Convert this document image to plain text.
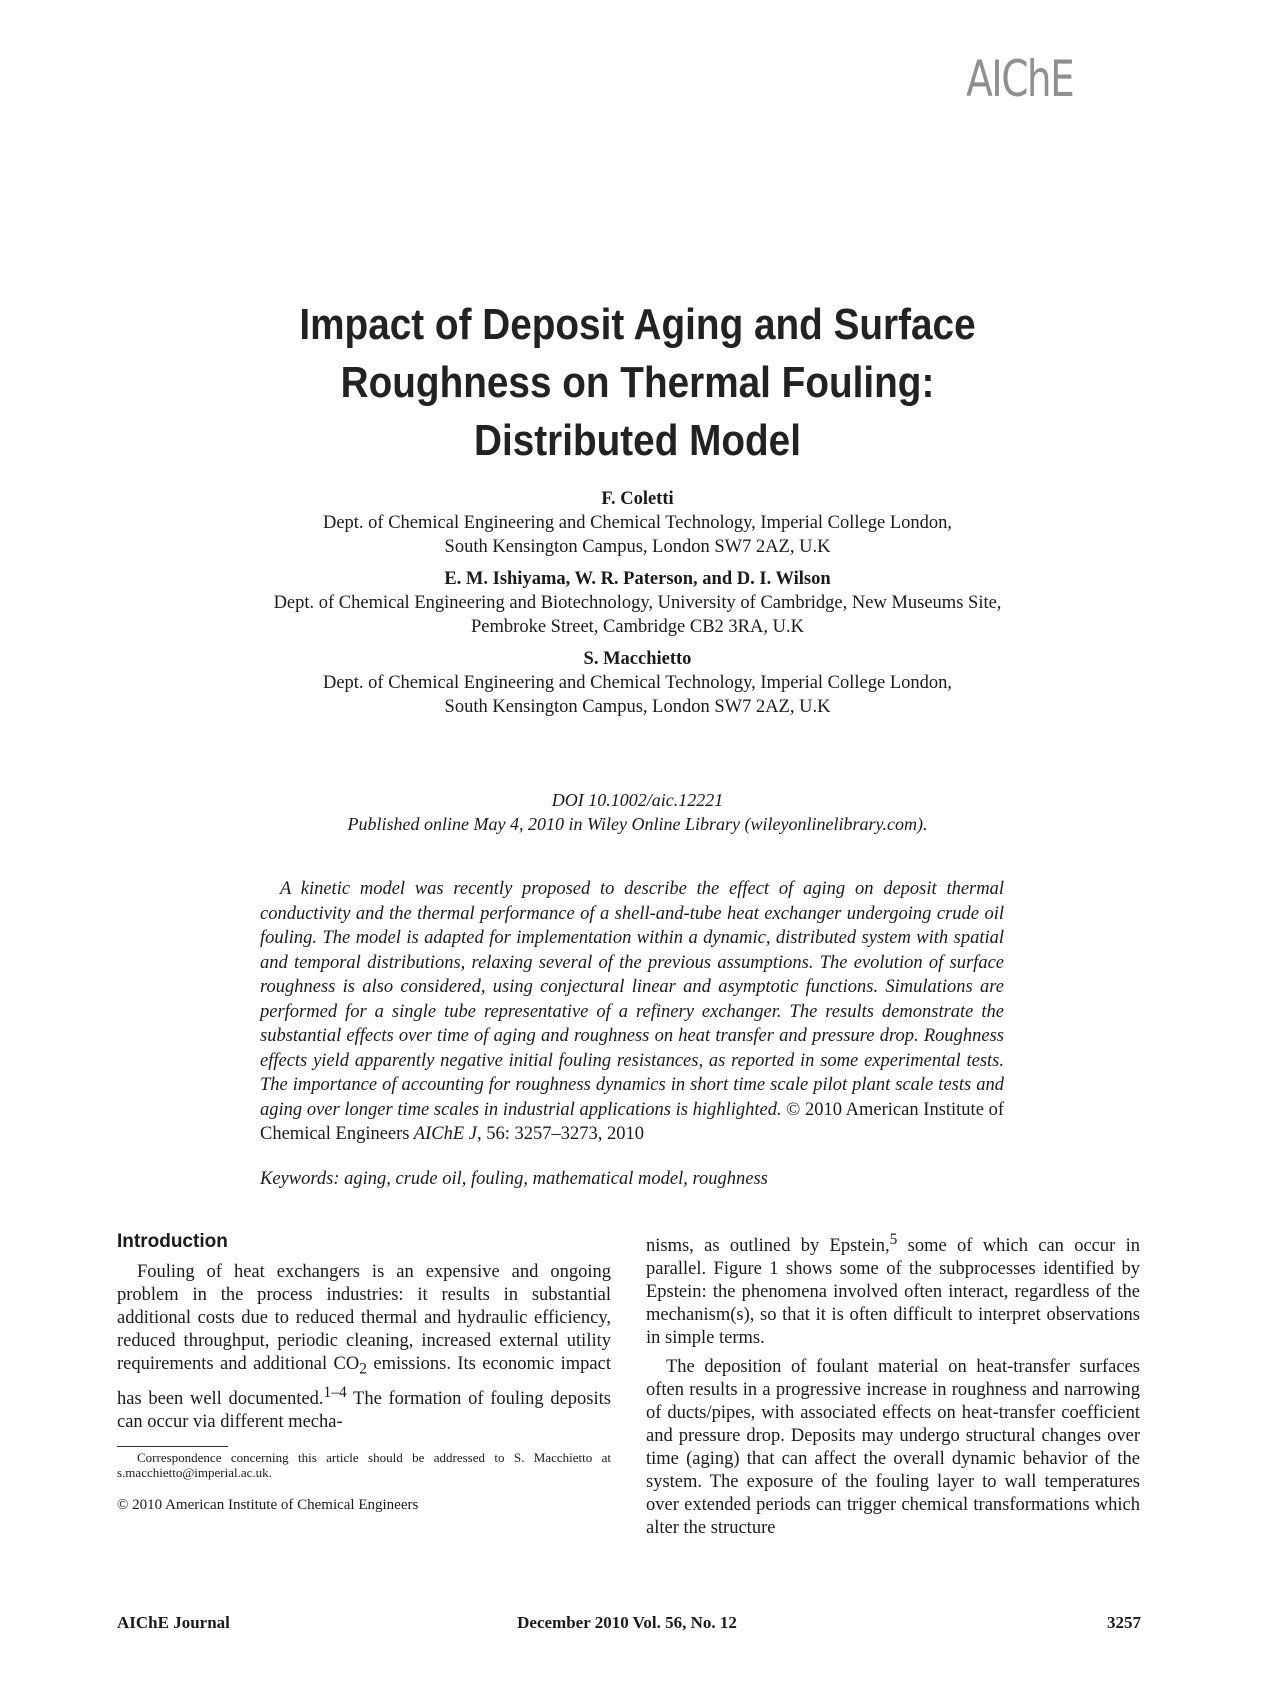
AIChE
Impact of Deposit Aging and Surface
Roughness on Thermal Fouling:
Distributed Model
F. Coletti
Dept. of Chemical Engineering and Chemical Technology, Imperial College London,
South Kensington Campus, London SW7 2AZ, U.K
E. M. Ishiyama, W. R. Paterson, and D. I. Wilson
Dept. of Chemical Engineering and Biotechnology, University of Cambridge, New Museums Site,
Pembroke Street, Cambridge CB2 3RA, U.K
S. Macchietto
Dept. of Chemical Engineering and Chemical Technology, Imperial College London,
South Kensington Campus, London SW7 2AZ, U.K
DOI 10.1002/aic.12221
Published online May 4, 2010 in Wiley Online Library (wileyonlinelibrary.com).
A kinetic model was recently proposed to describe the effect of aging on deposit thermal conductivity and the thermal performance of a shell-and-tube heat exchanger undergoing crude oil fouling. The model is adapted for implementation within a dynamic, distributed system with spatial and temporal distributions, relaxing several of the previous assumptions. The evolution of surface roughness is also considered, using conjectural linear and asymptotic functions. Simulations are performed for a single tube representative of a refinery exchanger. The results demonstrate the substantial effects over time of aging and roughness on heat transfer and pressure drop. Roughness effects yield apparently negative initial fouling resistances, as reported in some experimental tests. The importance of accounting for roughness dynamics in short time scale pilot plant scale tests and aging over longer time scales in industrial applications is highlighted. © 2010 American Institute of Chemical Engineers AIChE J, 56: 3257–3273, 2010
Keywords: aging, crude oil, fouling, mathematical model, roughness
Introduction

Fouling of heat exchangers is an expensive and ongoing problem in the process industries: it results in substantial additional costs due to reduced thermal and hydraulic efficiency, reduced throughput, periodic cleaning, increased external utility requirements and additional $CO_2$ emissions. Its economic impact has been well documented.$^{1-4}$ The formation of fouling deposits can occur via different mecha-

nisms, as outlined by Epstein,$^5$ some of which can occur in parallel. Figure 1 shows some of the subprocesses identified by Epstein: the phenomena involved often interact, regardless of the mechanism(s), so that it is often difficult to interpret observations in simple terms.

The deposition of foulant material on heat-transfer surfaces often results in a progressive increase in roughness and narrowing of ducts/pipes, with associated effects on heat-transfer coefficient and pressure drop. Deposits may undergo structural changes over time (aging) that can affect the overall dynamic behavior of the system. The exposure of the fouling layer to wall temperatures over extended periods can trigger chemical transformations which alter the structure

Correspondence concerning this article should be addressed to S. Macchietto at s.macchietto@imperial.ac.uk.
© 2010 American Institute of Chemical Engineers
AIChE Journal	December 2010 Vol. 56, No. 12	3257
